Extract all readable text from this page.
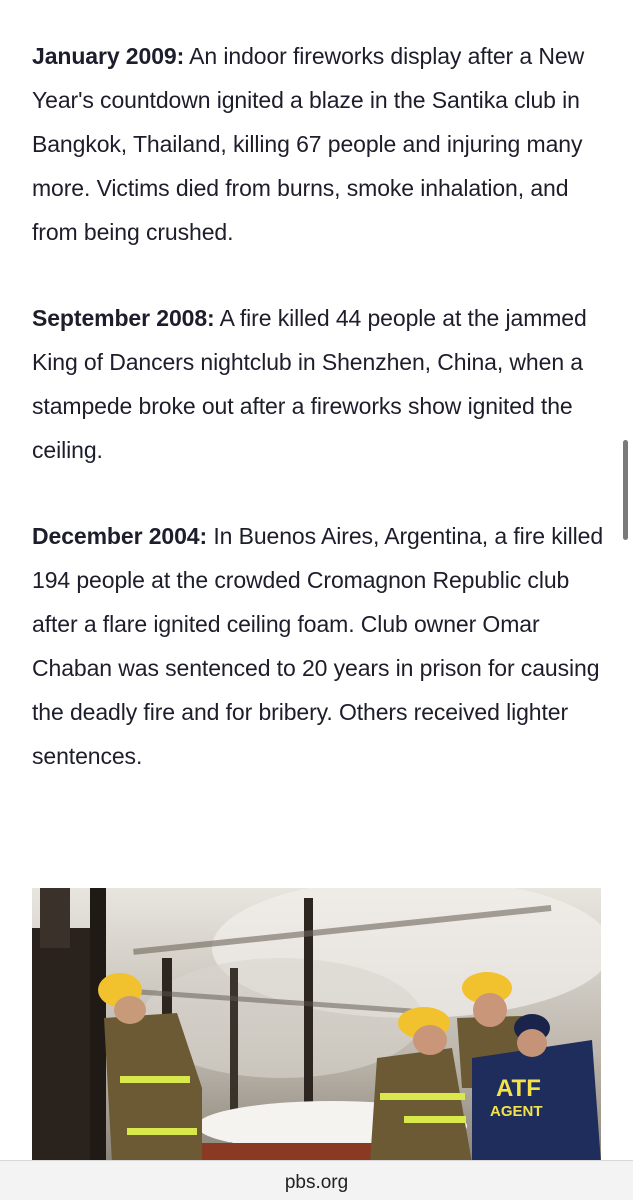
January 2009: An indoor fireworks display after a New Year's countdown ignited a blaze in the Santika club in Bangkok, Thailand, killing 67 people and injuring many more. Victims died from burns, smoke inhalation, and from being crushed.

September 2008: A fire killed 44 people at the jammed King of Dancers nightclub in Shenzhen, China, when a stampede broke out after a fireworks show ignited the ceiling.

December 2004: In Buenos Aires, Argentina, a fire killed 194 people at the crowded Cromagnon Republic club after a flare ignited ceiling foam. Club owner Omar Chaban was sentenced to 20 years in prison for causing the deadly fire and for bribery. Others received lighter sentences.

ATF
AGENT
pbs.org
